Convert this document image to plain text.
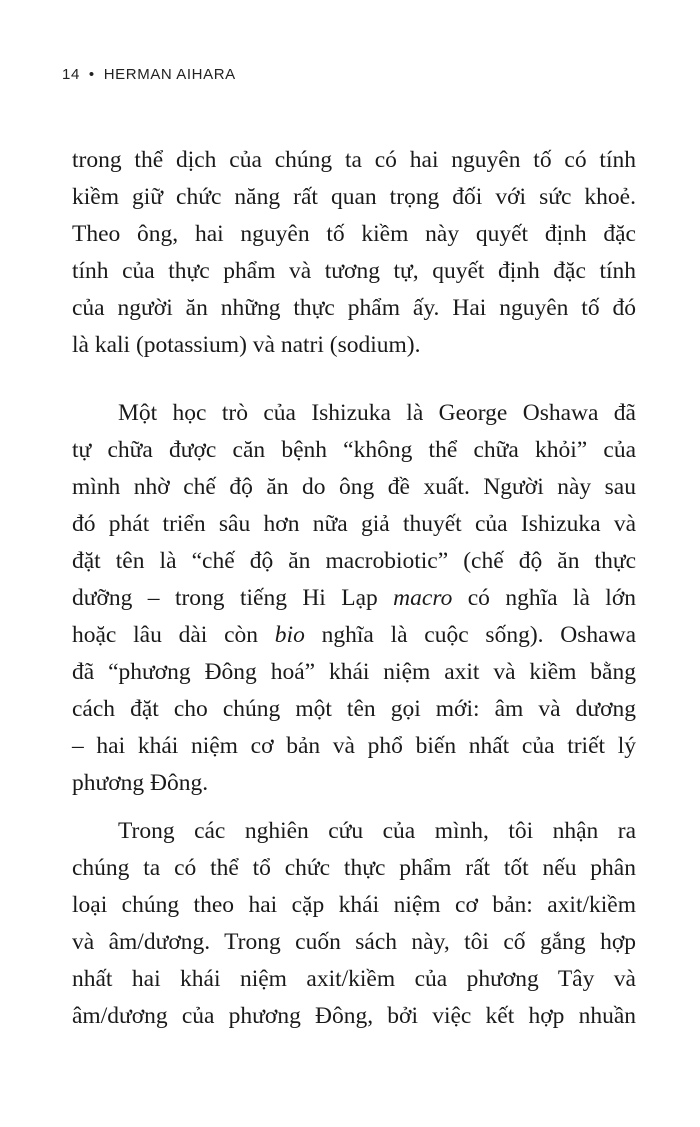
14 • HERMAN AIHARA
trong thể dịch của chúng ta có hai nguyên tố có tính
kiềm giữ chức năng rất quan trọng đối với sức khoẻ.
Theo ông, hai nguyên tố kiềm này quyết định đặc
tính của thực phẩm và tương tự, quyết định đặc tính
của người ăn những thực phẩm ấy. Hai nguyên tố đó
là kali (potassium) và natri (sodium).
Một học trò của Ishizuka là George Oshawa đã
tự chữa được căn bệnh “không thể chữa khỏi” của
mình nhờ chế độ ăn do ông đề xuất. Người này sau
đó phát triển sâu hơn nữa giả thuyết của Ishizuka và
đặt tên là “chế độ ăn macrobiotic” (chế độ ăn thực
dưỡng – trong tiếng Hi Lạp macro có nghĩa là lớn
hoặc lâu dài còn bio nghĩa là cuộc sống). Oshawa
đã “phương Đông hoá” khái niệm axit và kiềm bằng
cách đặt cho chúng một tên gọi mới: âm và dương
– hai khái niệm cơ bản và phổ biến nhất của triết lý
phương Đông.
Trong các nghiên cứu của mình, tôi nhận ra
chúng ta có thể tổ chức thực phẩm rất tốt nếu phân
loại chúng theo hai cặp khái niệm cơ bản: axit/kiềm
và âm/dương. Trong cuốn sách này, tôi cố gắng hợp
nhất hai khái niệm axit/kiềm của phương Tây và
âm/dương của phương Đông, bởi việc kết hợp nhuần
